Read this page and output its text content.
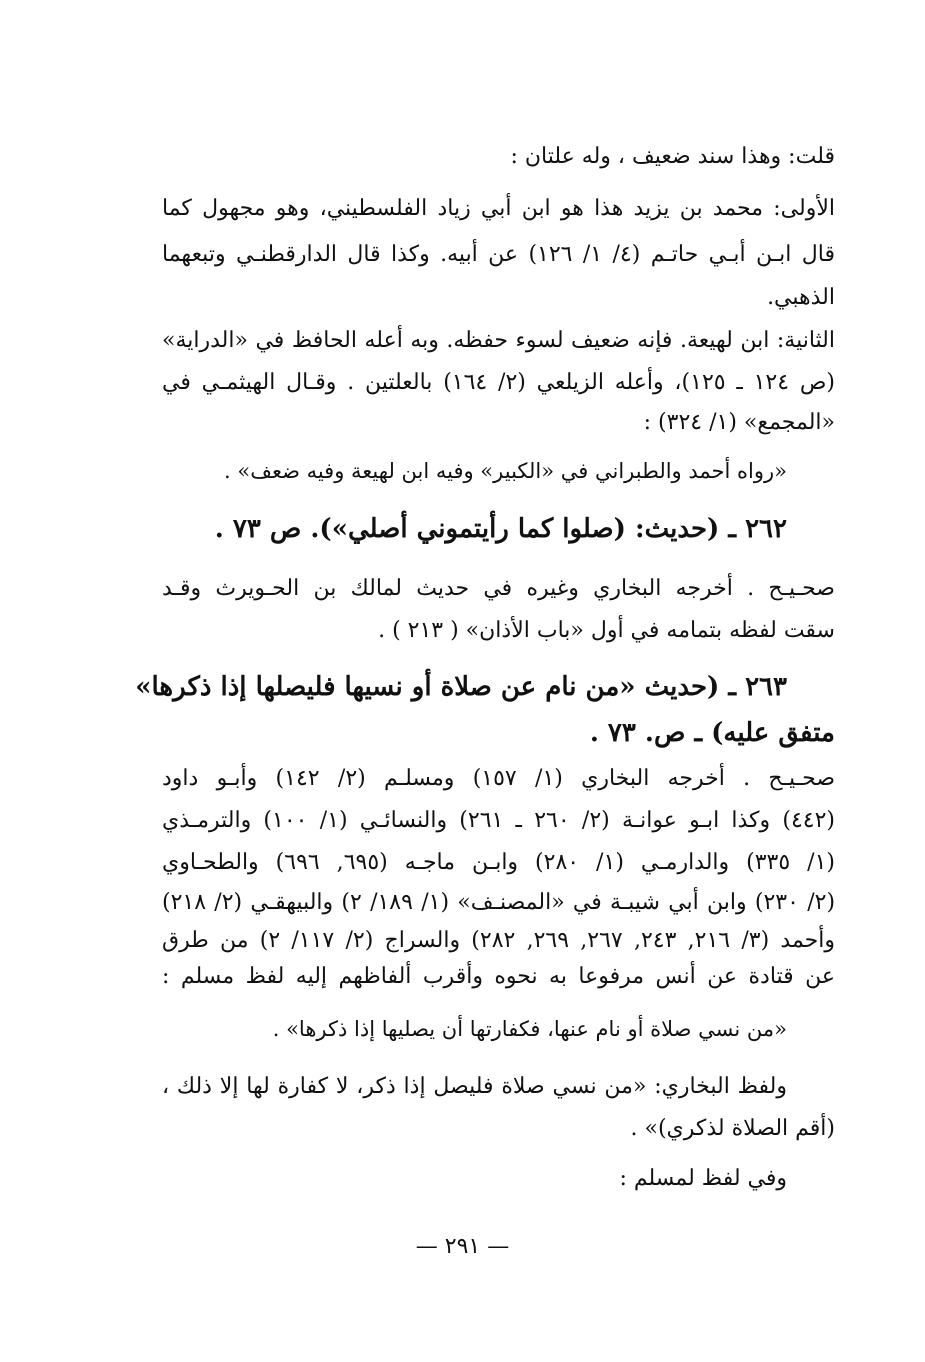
قلت: وهذا سند ضعيف ، وله علتان :

الأولى: محمد بن يزيد هذا هو ابن أبي زياد الفلسطيني، وهو مجهول كما

قال ابـن أبـي حاتـم (٤/ ١/ ١٢٦) عن أبيه. وكذا قال الدارقطنـي وتبعهما

الذهبي.

الثانية: ابن لهيعة. فإنه ضعيف لسوء حفظه. وبه أعله الحافظ في «الدراية»

(ص ١٢٤ ـ ١٢٥)، وأعله الزيلعي (٢/ ١٦٤) بالعلتين . وقـال الهيثمـي في

«المجمع» (١/ ٣٢٤) :

«رواه أحمد والطبراني في «الكبير» وفيه ابن لهيعة وفيه ضعف» .

٢٦٢ ـ (حديث: (صلوا كما رأيتموني أصلي»). ص ٧٣ .

صحـيـح . أخرجه البخاري وغيره في حديث لمالك بن الحـويرث وقـد

سقت لفظه بتمامه في أول «باب الأذان» ( ٢١٣ ) .

٢٦٣ ـ (حديث «من نام عن صلاة أو نسيها فليصلها إذا ذكرها»

متفق عليه) ـ ص. ٧٣ .

صحـيـح . أخرجه البخاري (١/ ١٥٧) ومسلـم (٢/ ١٤٢) وأبـو داود

(٤٤٢) وكذا ابـو عوانـة (٢/ ٢٦٠ ـ ٢٦١) والنسائـي (١/ ١٠٠) والترمـذي

(١/ ٣٣٥) والدارمـي (١/ ٢٨٠) وابـن ماجـه (٦٩٥, ٦٩٦) والطحـاوي

(٢/ ٢٣٠) وابن أبي شيبـة في «المصنـف» (١/ ١٨٩/ ٢) والبيهقـي (٢/ ٢١٨)

وأحمد (٣/ ٢١٦, ٢٤٣, ٢٦٧, ٢٦٩, ٢٨٢) والسراج (٢/ ١١٧/ ٢) من طرق

عن قتادة عن أنس مرفوعا به نحوه وأقرب ألفاظهم إليه لفظ مسلم :

«من نسي صلاة أو نام عنها، فكفارتها أن يصليها إذا ذكرها» .

ولفظ البخاري: «من نسي صلاة فليصل إذا ذكر، لا كفارة لها إلا ذلك ،

(أقم الصلاة لذكري)» .

وفي لفظ لمسلم :

— ٢٩١ —
